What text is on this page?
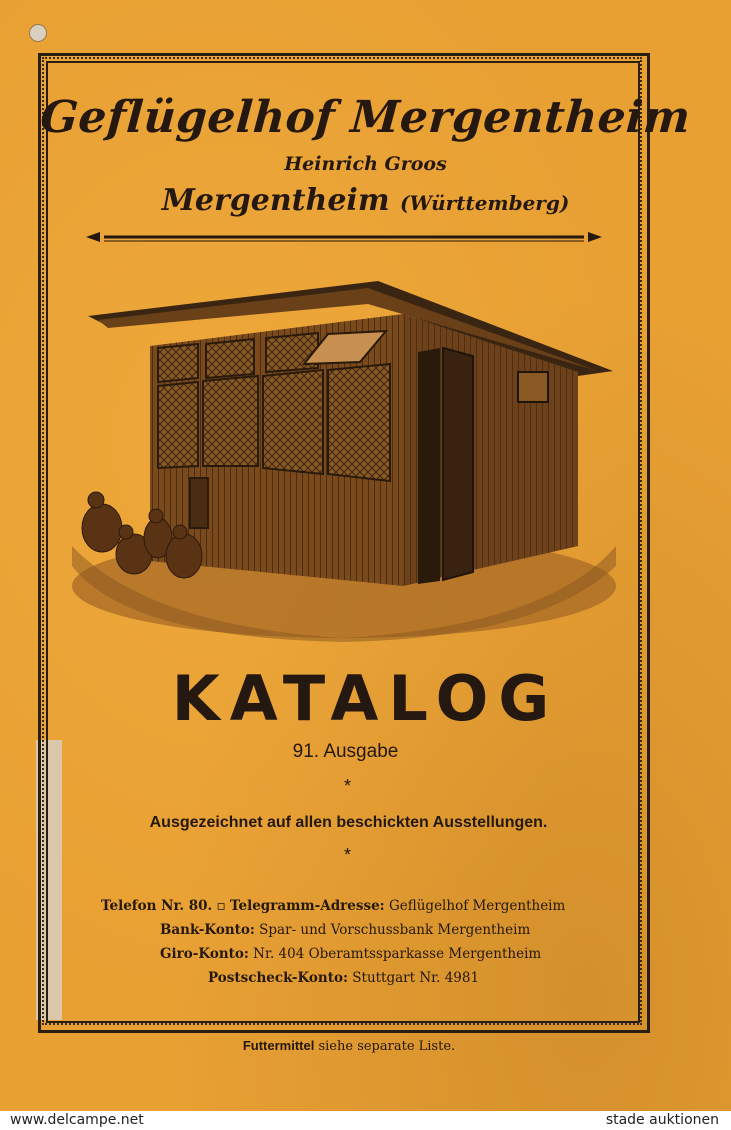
Geflügelhof Mergentheim
Heinrich Groos
Mergentheim (Württemberg)
KATALOG
91. Ausgabe
*
Ausgezeichnet auf allen beschickten Ausstellungen.
*
Telefon Nr. 80. ▫ Telegramm-Adresse: Geflügelhof Mergentheim
Bank-Konto: Spar- und Vorschussbank Mergentheim
Giro-Konto: Nr. 404 Oberamtssparkasse Mergentheim
Postscheck-Konto: Stuttgart Nr. 4981
Futtermittel siehe separate Liste.
www.delcampe.net	stade auktionen
